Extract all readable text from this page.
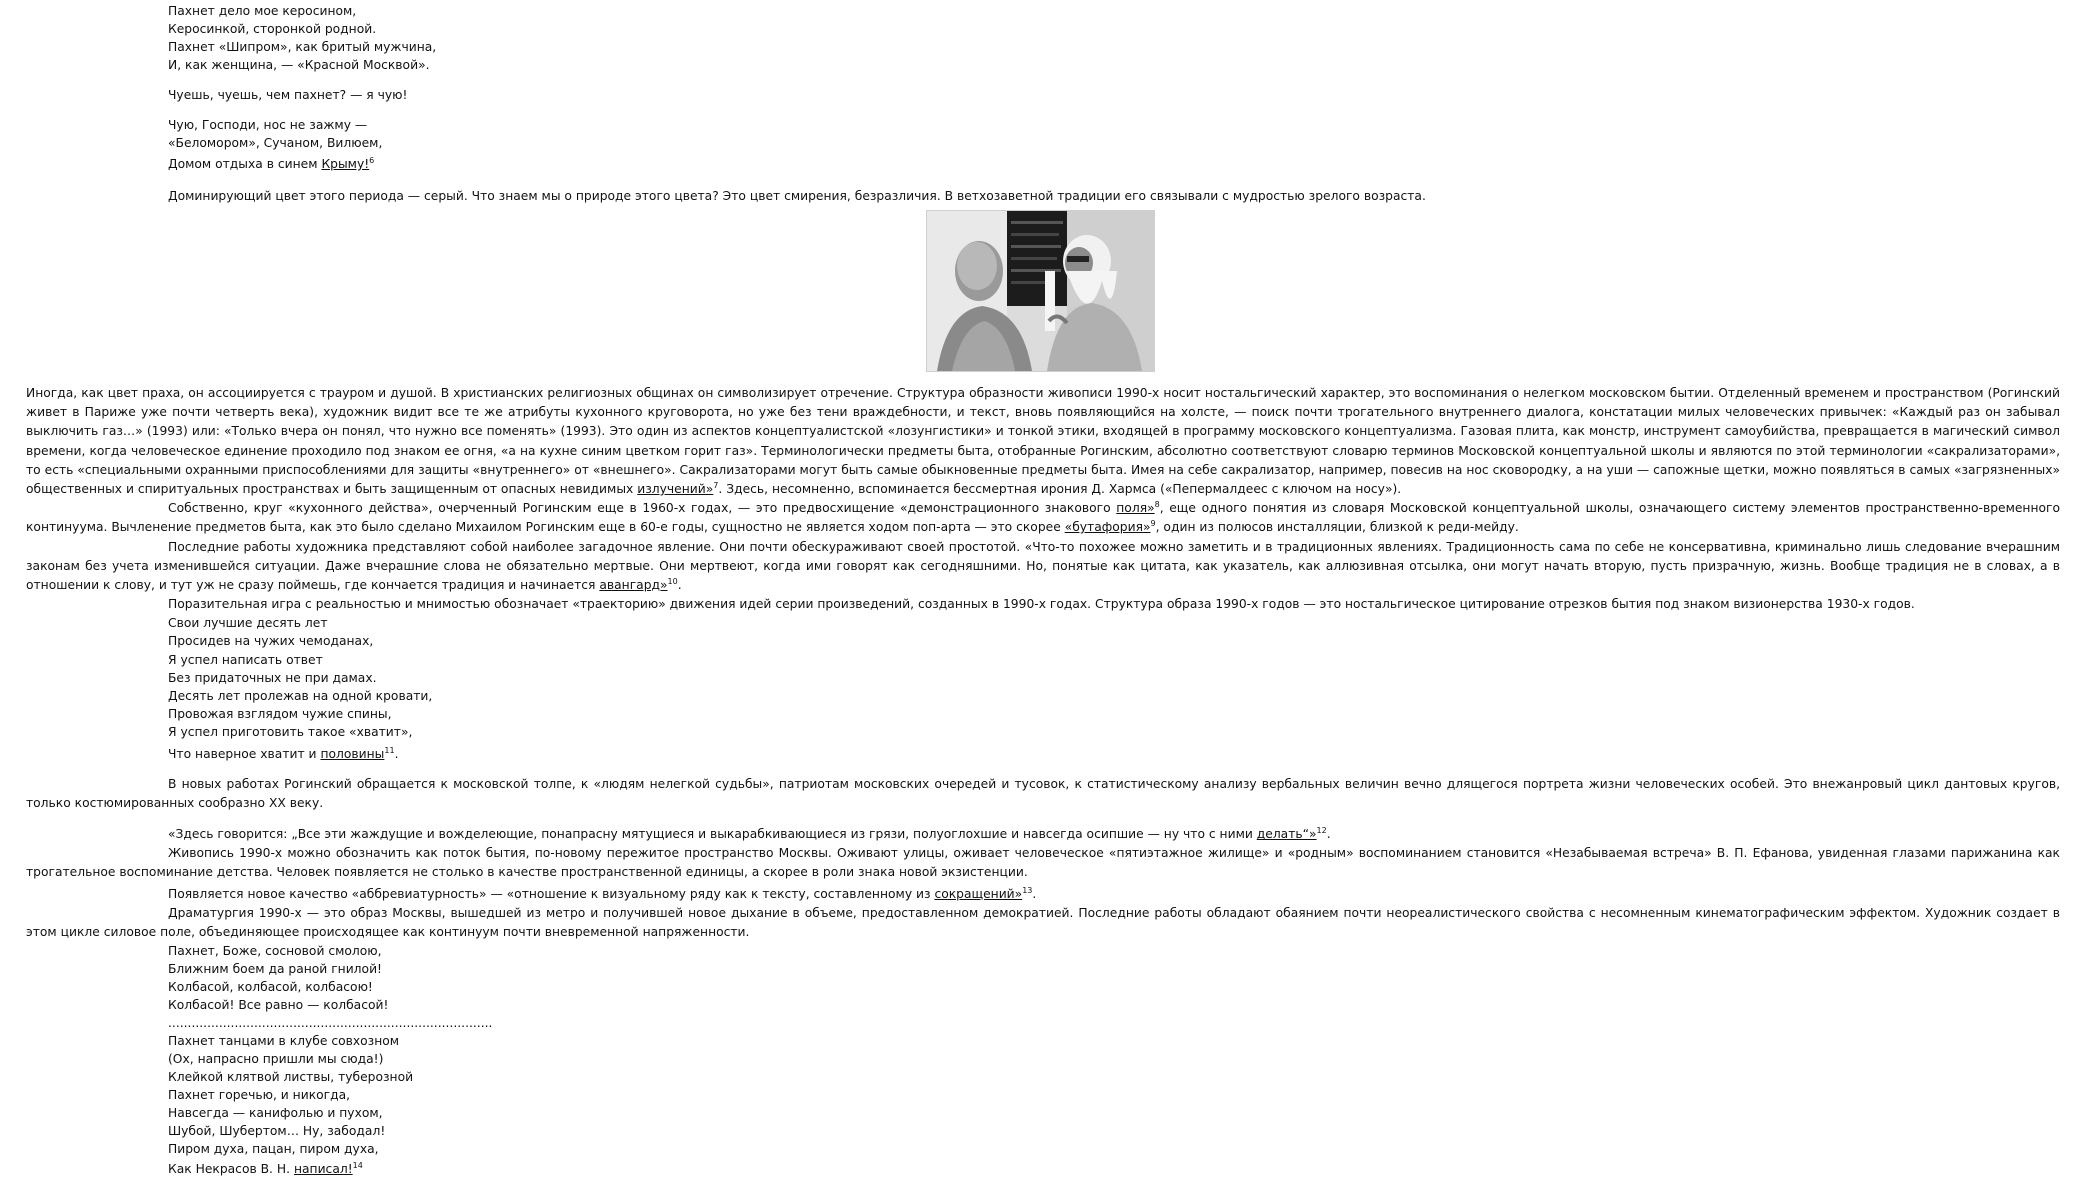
Пахнет дело мое керосином,
Керосинкой, сторонкой родной.
Пахнет «Шипром», как бритый мужчина,
И, как женщина, — «Красной Москвой».
Чуешь, чуешь, чем пахнет? — я чую!
Чую, Господи, нос не зажму —
«Беломором», Сучаном, Вилюем,
Домом отдыха в синем Крыму!$^6$
Доминирующий цвет этого периода — серый. Что знаем мы о природе этого цвета? Это цвет смирения, безразличия. В ветхозаветной традиции его связывали с мудростью зрелого возраста.

Иногда, как цвет праха, он ассоциируется с трауром и душой. В христианских религиозных общинах он символизирует отречение. Структура образности живописи 1990-х носит ностальгический характер, это воспоминания о нелегком московском бытии. Отделенный временем и пространством (Рогинский живет в Париже уже почти четверть века), художник видит все те же атрибуты кухонного круговорота, но уже без тени враждебности, и текст, вновь появляющийся на холсте, — поиск почти трогательного внутреннего диалога, констатации милых человеческих привычек: «Каждый раз он забывал выключить газ…» (1993) или: «Только вчера он понял, что нужно все поменять» (1993). Это один из аспектов концептуалистской «лозунгистики» и тонкой этики, входящей в программу московского концептуализма. Газовая плита, как монстр, инструмент самоубийства, превращается в магический символ времени, когда человеческое единение проходило под знаком ее огня, «а на кухне синим цветком горит газ». Терминологически предметы быта, отобранные Рогинским, абсолютно соответствуют словарю терминов Московской концептуальной школы и являются по этой терминологии «сакрализаторами», то есть «специальными охранными приспособлениями для защиты «внутреннего» от «внешнего». Сакрализаторами могут быть самые обыкновенные предметы быта. Имея на себе сакрализатор, например, повесив на нос сковородку, а на уши — сапожные щетки, можно появляться в самых «загрязненных» общественных и спиритуальных пространствах и быть защищенным от опасных невидимых излучений»$^7$. Здесь, несомненно, вспоминается бессмертная ирония Д. Хармса («Пепермалдеес с ключом на носу»).

Собственно, круг «кухонного действа», очерченный Рогинским еще в 1960-х годах, — это предвосхищение «демонстрационного знакового поля»$^8$, еще одного понятия из словаря Московской концептуальной школы, означающего систему элементов пространственно-временного континуума. Вычленение предметов быта, как это было сделано Михаилом Рогинским еще в 60-е годы, сущностно не является ходом поп-арта — это скорее «бутафория»$^9$, один из полюсов инсталляции, близкой к реди-мейду.

Последние работы художника представляют собой наиболее загадочное явление. Они почти обескураживают своей простотой. «Что-то похожее можно заметить и в традиционных явлениях. Традиционность сама по себе не консервативна, криминально лишь следование вчерашним законам без учета изменившейся ситуации. Даже вчерашние слова не обязательно мертвые. Они мертвеют, когда ими говорят как сегодняшними. Но, понятые как цитата, как указатель, как аллюзивная отсылка, они могут начать вторую, пусть призрачную, жизнь. Вообще традиция не в словах, а в отношении к слову, и тут уж не сразу поймешь, где кончается традиция и начинается авангард»$^{10}$.

Поразительная игра с реальностью и мнимостью обозначает «траекторию» движения идей серии произведений, созданных в 1990-х годах. Структура образа 1990-х годов — это ностальгическое цитирование отрезков бытия под знаком визионерства 1930-х годов.
Свои лучшие десять лет
Просидев на чужих чемоданах,
Я успел написать ответ
Без придаточных не при дамах.
Десять лет пролежав на одной кровати,
Провожая взглядом чужие спины,
Я успел приготовить такое «хватит»,
Что наверное хватит и половины$^{11}$.

В новых работах Рогинский обращается к московской толпе, к «людям нелегкой судьбы», патриотам московских очередей и тусовок, к статистическому анализу вербальных величин вечно длящегося портрета жизни человеческих особей. Это внежанровый цикл дантовых кругов, только костюмированных сообразно XX веку.

«Здесь говорится: „Все эти жаждущие и вожделеющие, понапрасну мятущиеся и выкарабкивающиеся из грязи, полуоглохшие и навсегда осипшие — ну что с ними делать“»$^{12}$.

Живопись 1990-х можно обозначить как поток бытия, по-новому пережитое пространство Москвы. Оживают улицы, оживает человеческое «пятиэтажное жилище» и «родным» воспоминанием становится «Незабываемая встреча» В. П. Ефанова, увиденная глазами парижанина как трогательное воспоминание детства. Человек появляется не столько в качестве пространственной единицы, а скорее в роли знака новой экзистенции.

Появляется новое качество «аббревиатурность» — «отношение к визуальному ряду как к тексту, составленному из сокращений»$^{13}$.

Драматургия 1990-х — это образ Москвы, вышедшей из метро и получившей новое дыхание в объеме, предоставленном демократией. Последние работы обладают обаянием почти неореалистического свойства с несомненным кинематографическим эффектом. Художник создает в этом цикле силовое поле, объединяющее происходящее как континуум почти вневременной напряженности.

Пахнет, Боже, сосновой смолою,
Ближним боем да раной гнилой!
Колбасой, колбасой, колбасою!
Колбасой! Все равно — колбасой!
...................................................................................
Пахнет танцами в клубе совхозном
(Ох, напрасно пришли мы сюда!)
Клейкой клятвой листвы, туберозной
Пахнет горечью, и никогда,
Навсегда — канифолью и пухом,
Шубой, Шубертом… Ну, забодал!
Пиром духа, пацан, пиром духа,
Как Некрасов В. Н. написал!$^{14}$
